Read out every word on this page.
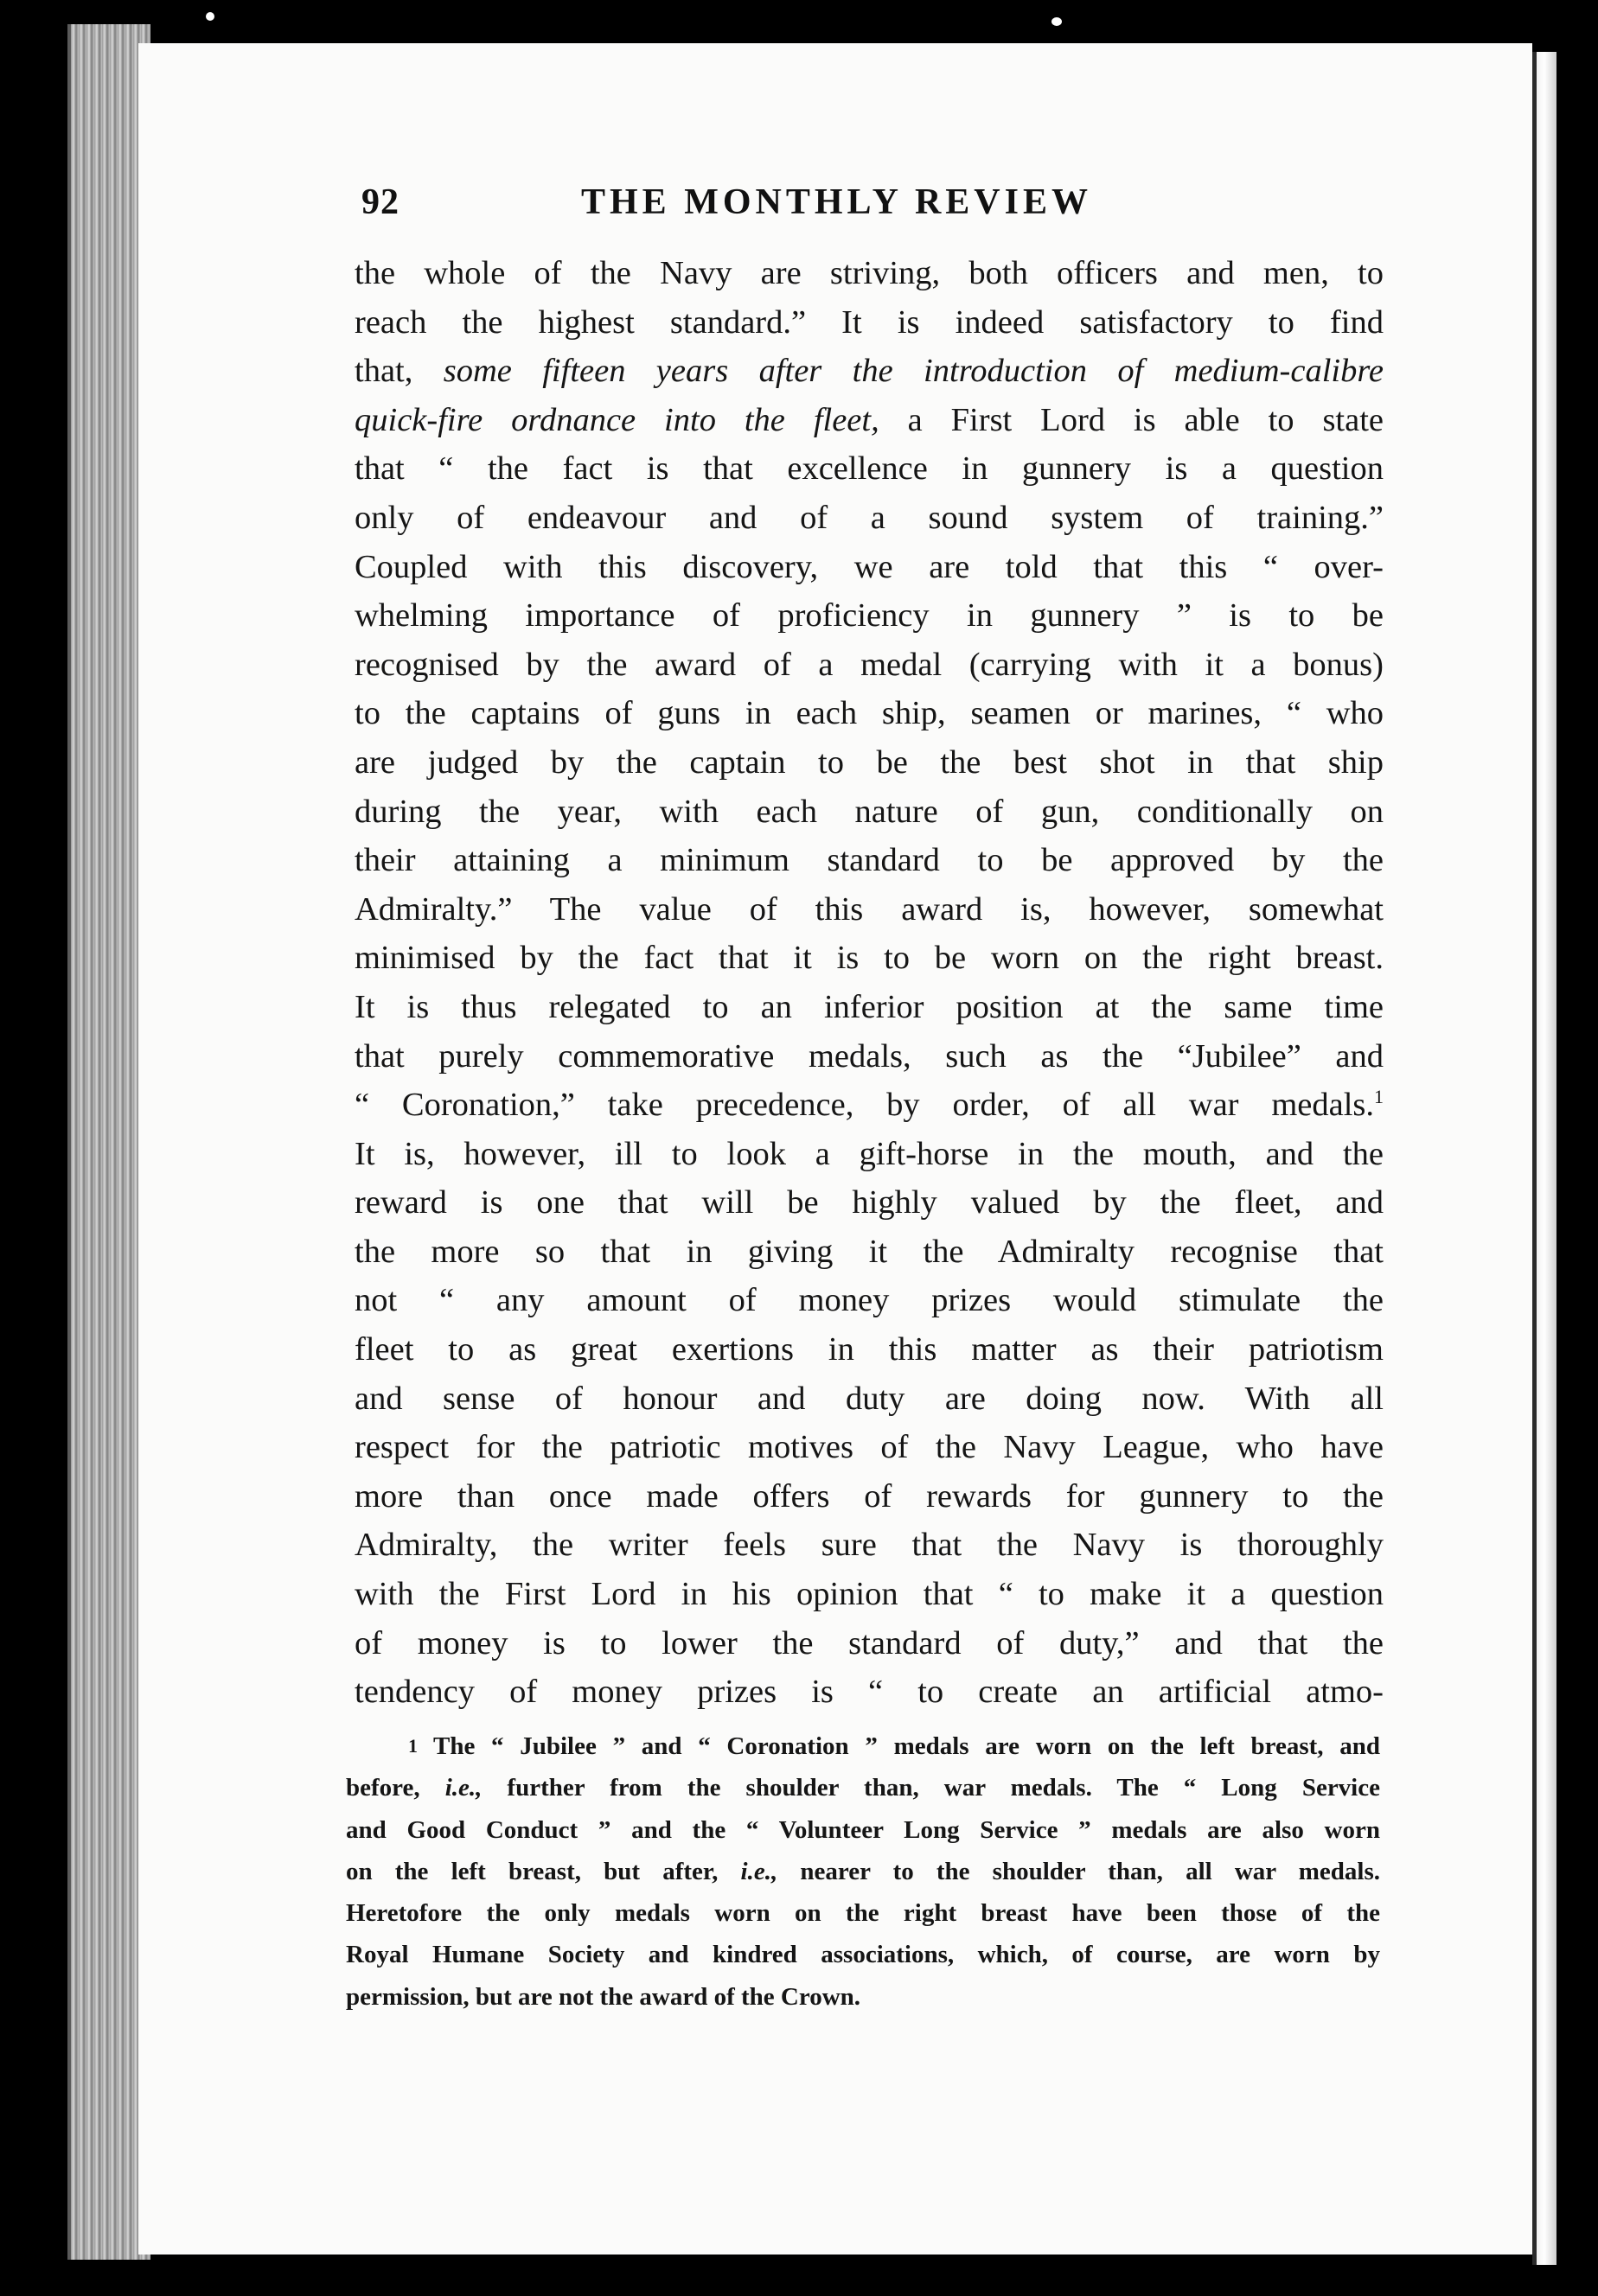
92	THE MONTHLY REVIEW
the whole of the Navy are striving, both officers and men, to
reach the highest standard.” It is indeed satisfactory to find
that, some fifteen years after the introduction of medium-calibre
quick-fire ordnance into the fleet, a First Lord is able to state
that “ the fact is that excellence in gunnery is a question
only of endeavour and of a sound system of training.”
Coupled with this discovery, we are told that this “ over-
whelming importance of proficiency in gunnery ” is to be
recognised by the award of a medal (carrying with it a bonus)
to the captains of guns in each ship, seamen or marines, “ who
are judged by the captain to be the best shot in that ship
during the year, with each nature of gun, conditionally on
their attaining a minimum standard to be approved by the
Admiralty.” The value of this award is, however, somewhat
minimised by the fact that it is to be worn on the right breast.
It is thus relegated to an inferior position at the same time
that purely commemorative medals, such as the “Jubilee” and
“ Coronation,” take precedence, by order, of all war medals.$^1$
It is, however, ill to look a gift-horse in the mouth, and the
reward is one that will be highly valued by the fleet, and
the more so that in giving it the Admiralty recognise that
not “ any amount of money prizes would stimulate the
fleet to as great exertions in this matter as their patriotism
and sense of honour and duty are doing now. With all
respect for the patriotic motives of the Navy League, who have
more than once made offers of rewards for gunnery to the
Admiralty, the writer feels sure that the Navy is thoroughly
with the First Lord in his opinion that “ to make it a question
of money is to lower the standard of duty,” and that the
tendency of money prizes is “ to create an artificial atmo-
$^1$ The “ Jubilee ” and “ Coronation ” medals are worn on the left breast, and
before, i.e., further from the shoulder than, war medals. The “ Long Service
and Good Conduct ” and the “ Volunteer Long Service ” medals are also worn
on the left breast, but after, i.e., nearer to the shoulder than, all war medals.
Heretofore the only medals worn on the right breast have been those of the
Royal Humane Society and kindred associations, which, of course, are worn by
permission, but are not the award of the Crown.
